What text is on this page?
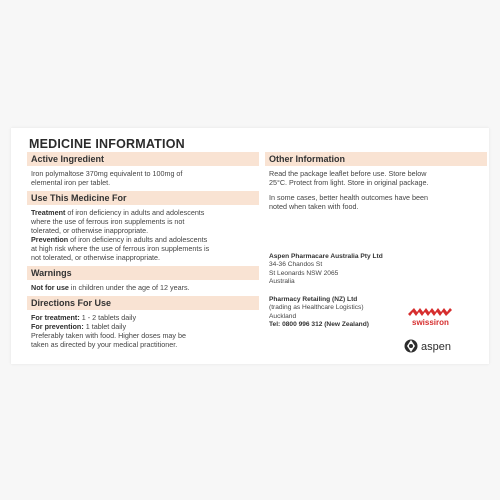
MEDICINE INFORMATION
Active Ingredient

Iron polymaltose 370mg equivalent to 100mg of

elemental iron per tablet.

Use This Medicine For

Treatment of iron deficiency in adults and adolescents

where the use of ferrous iron supplements is not

tolerated, or otherwise inappropriate.

Prevention of iron deficiency in adults and adolescents

at high risk where the use of ferrous iron supplements is

not tolerated, or otherwise inappropriate.

Warnings

Not for use in children under the age of 12 years.

Directions For Use

For treatment: 1 - 2 tablets daily

For prevention: 1 tablet daily

Preferably taken with food. Higher doses may be

taken as directed by your medical practitioner.

Other Information

Read the package leaflet before use. Store below

25°C. Protect from light. Store in original package.

In some cases, better health outcomes have been

noted when taken with food.

Aspen Pharmacare Australia Pty Ltd

34-36 Chandos St

St Leonards NSW 2065

Australia

Pharmacy Retailing (NZ) Ltd

(trading as Healthcare Logistics)

Auckland

Tel: 0800 996 312 (New Zealand)	swissiron
aspen
